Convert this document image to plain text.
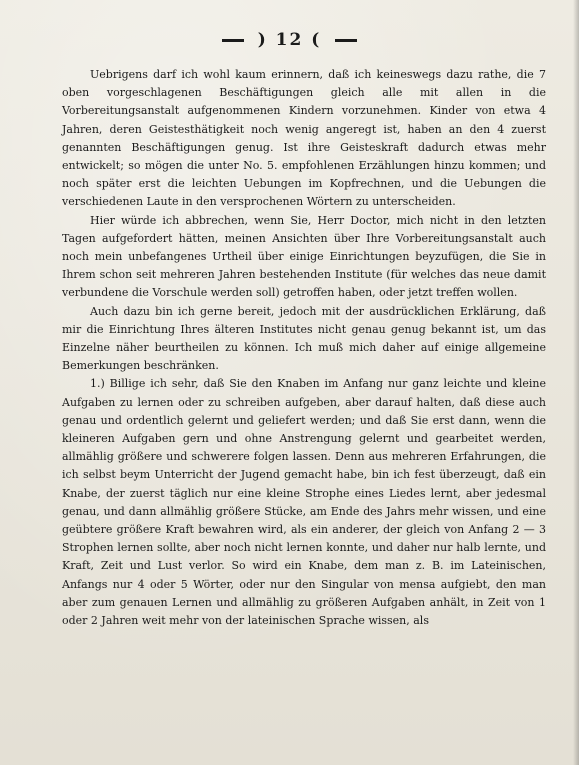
) 12 (

Uebrigens darf ich wohl kaum erinnern, daß ich keineswegs dazu rathe, die 7 oben vorgeschlagenen Beschäftigungen gleich alle mit allen in die Vorbereitungsanstalt aufgenommenen Kindern vorzunehmen. Kinder von etwa 4 Jahren, deren Geistesthätigkeit noch wenig angeregt ist, haben an den 4 zuerst genannten Beschäftigungen genug. Ist ihre Geisteskraft dadurch etwas mehr entwickelt; so mögen die unter No. 5. empfohlenen Erzählungen hinzu kommen; und noch später erst die leichten Uebungen im Kopfrechnen, und die Uebungen die verschiedenen Laute in den versprochenen Wörtern zu unterscheiden.

Hier würde ich abbrechen, wenn Sie, Herr Doctor, mich nicht in den letzten Tagen aufgefordert hätten, meinen Ansichten über Ihre Vorbereitungsanstalt auch noch mein unbefangenes Urtheil über einige Einrichtungen beyzufügen, die Sie in Ihrem schon seit mehreren Jahren bestehenden Institute (für welches das neue damit verbundene die Vorschule werden soll) getroffen haben, oder jetzt treffen wollen.

Auch dazu bin ich gerne bereit, jedoch mit der ausdrücklichen Erklärung, daß mir die Einrichtung Ihres älteren Institutes nicht genau genug bekannt ist, um das Einzelne näher beurtheilen zu können. Ich muß mich daher auf einige allgemeine Bemerkungen beschränken.

1.) Billige ich sehr, daß Sie den Knaben im Anfang nur ganz leichte und kleine Aufgaben zu lernen oder zu schreiben aufgeben, aber darauf halten, daß diese auch genau und ordentlich gelernt und geliefert werden; und daß Sie erst dann, wenn die kleineren Aufgaben gern und ohne Anstrengung gelernt und gearbeitet werden, allmählig größere und schwerere folgen lassen. Denn aus mehreren Erfahrungen, die ich selbst beym Unterricht der Jugend gemacht habe, bin ich fest überzeugt, daß ein Knabe, der zuerst täglich nur eine kleine Strophe eines Liedes lernt, aber jedesmal genau, und dann allmählig größere Stücke, am Ende des Jahrs mehr wissen, und eine geübtere größere Kraft bewahren wird, als ein anderer, der gleich von Anfang 2 — 3 Strophen lernen sollte, aber noch nicht lernen konnte, und daher nur halb lernte, und Kraft, Zeit und Lust verlor. So wird ein Knabe, dem man z. B. im Lateinischen, Anfangs nur 4 oder 5 Wörter, oder nur den Singular von mensa aufgiebt, den man aber zum genauen Lernen und allmählig zu größeren Aufgaben anhält, in Zeit von 1 oder 2 Jahren weit mehr von der lateinischen Sprache wissen, als
